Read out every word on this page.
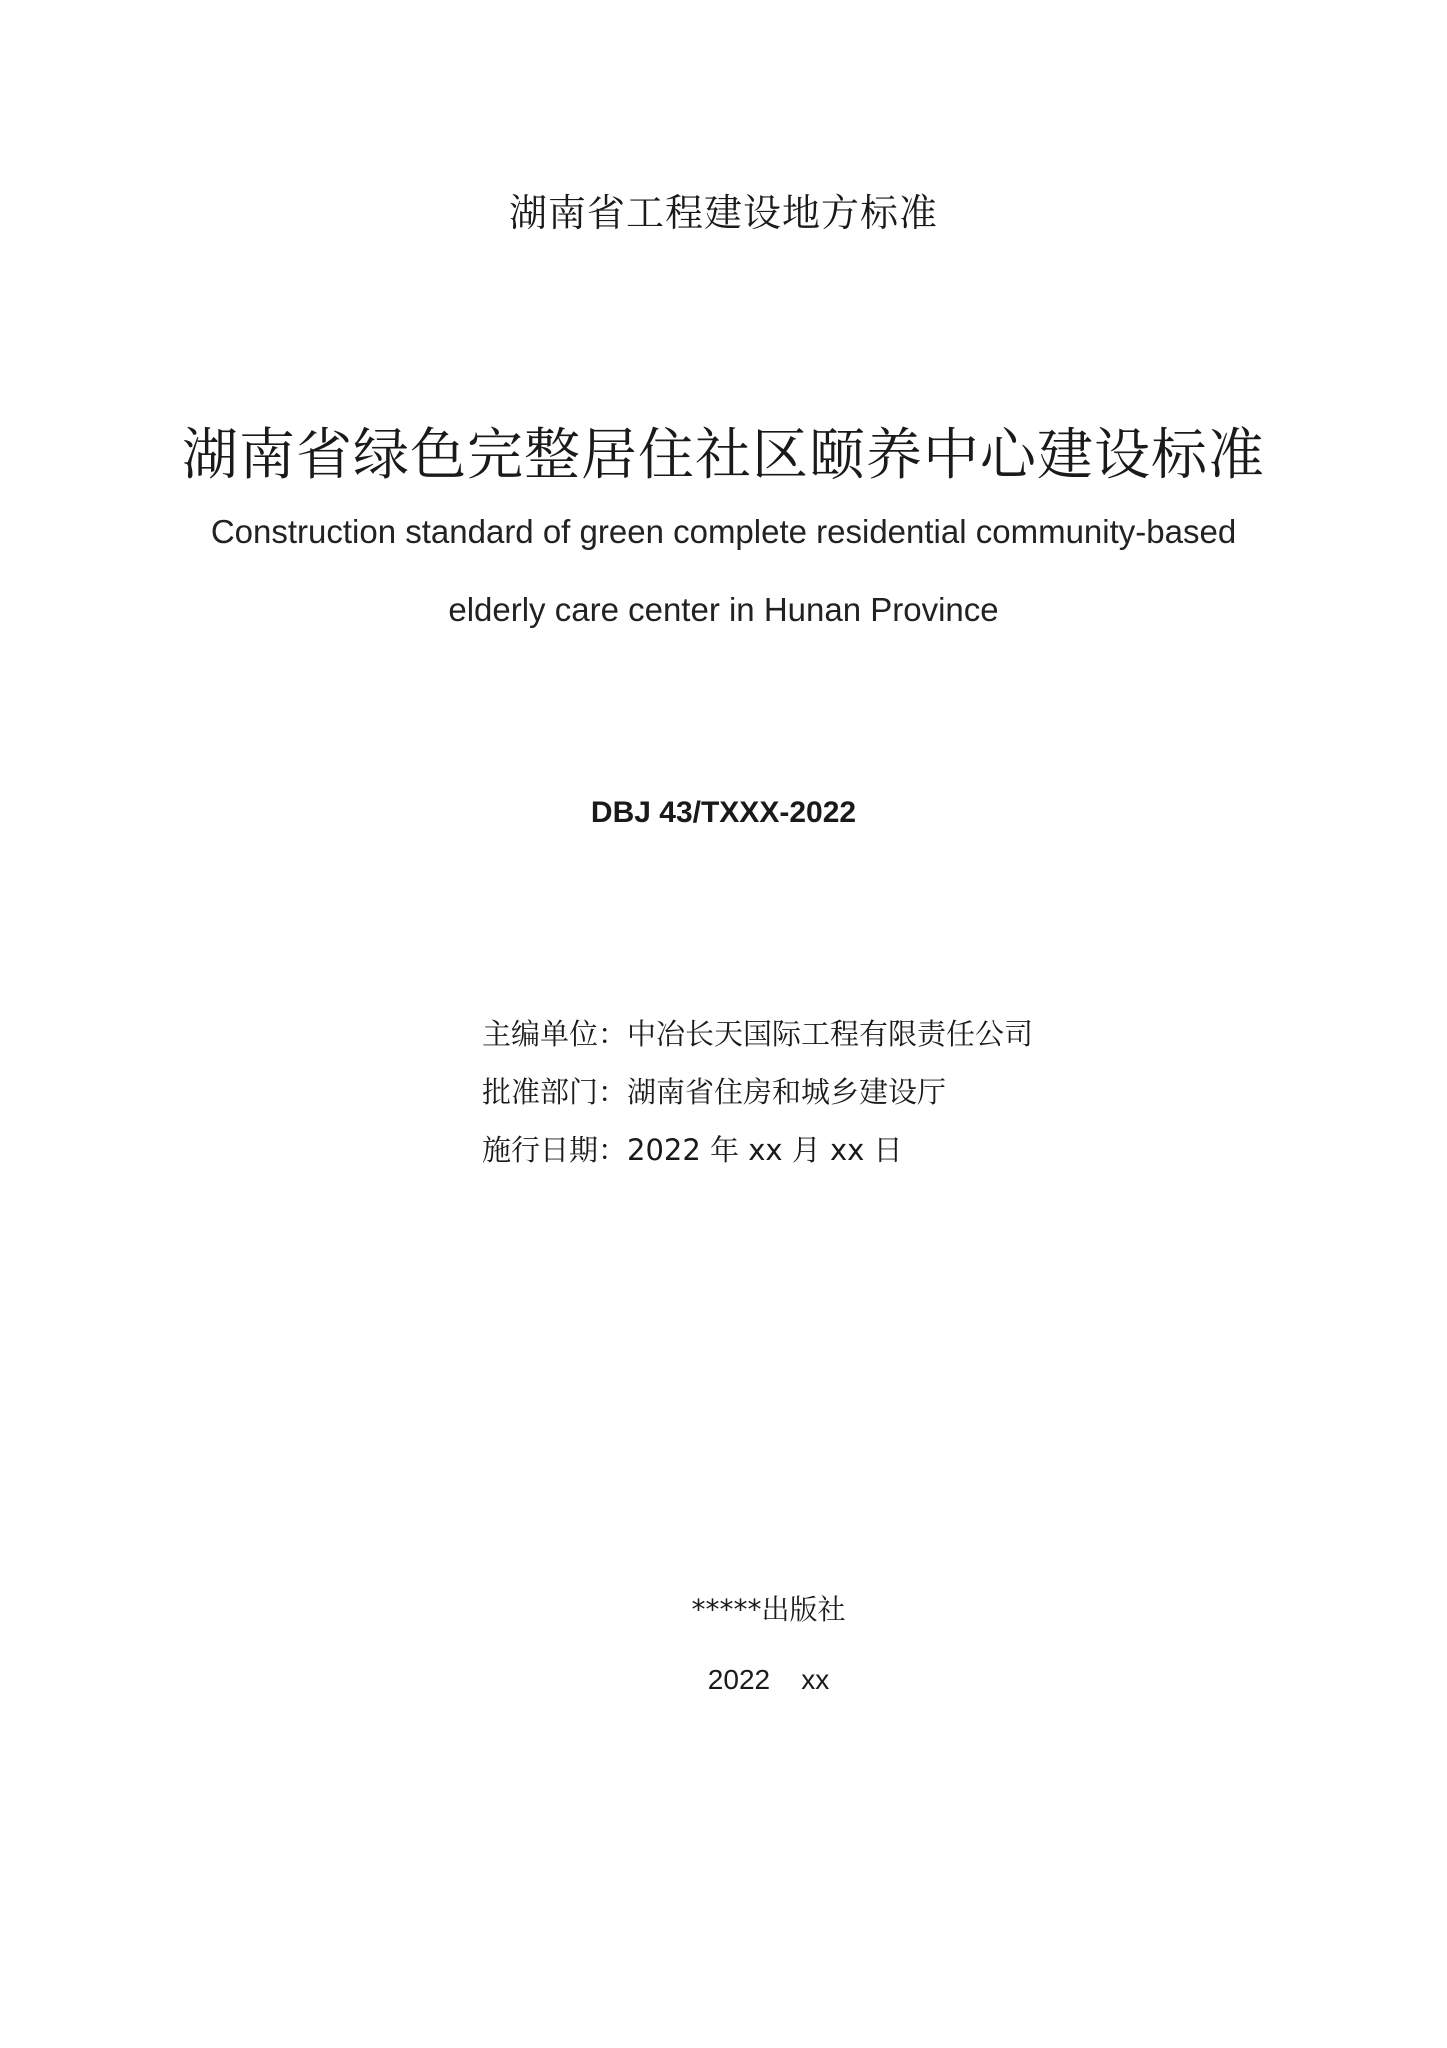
湖南省工程建设地方标准
湖南省绿色完整居住社区颐养中心建设标准
Construction standard of green complete residential community-based
elderly care center in Hunan Province
DBJ 43/TXXX-2022
主编单位：中冶长天国际工程有限责任公司
批准部门：湖南省住房和城乡建设厅
施行日期：2022 年 xx 月 xx 日
*****出版社
2022    xx
